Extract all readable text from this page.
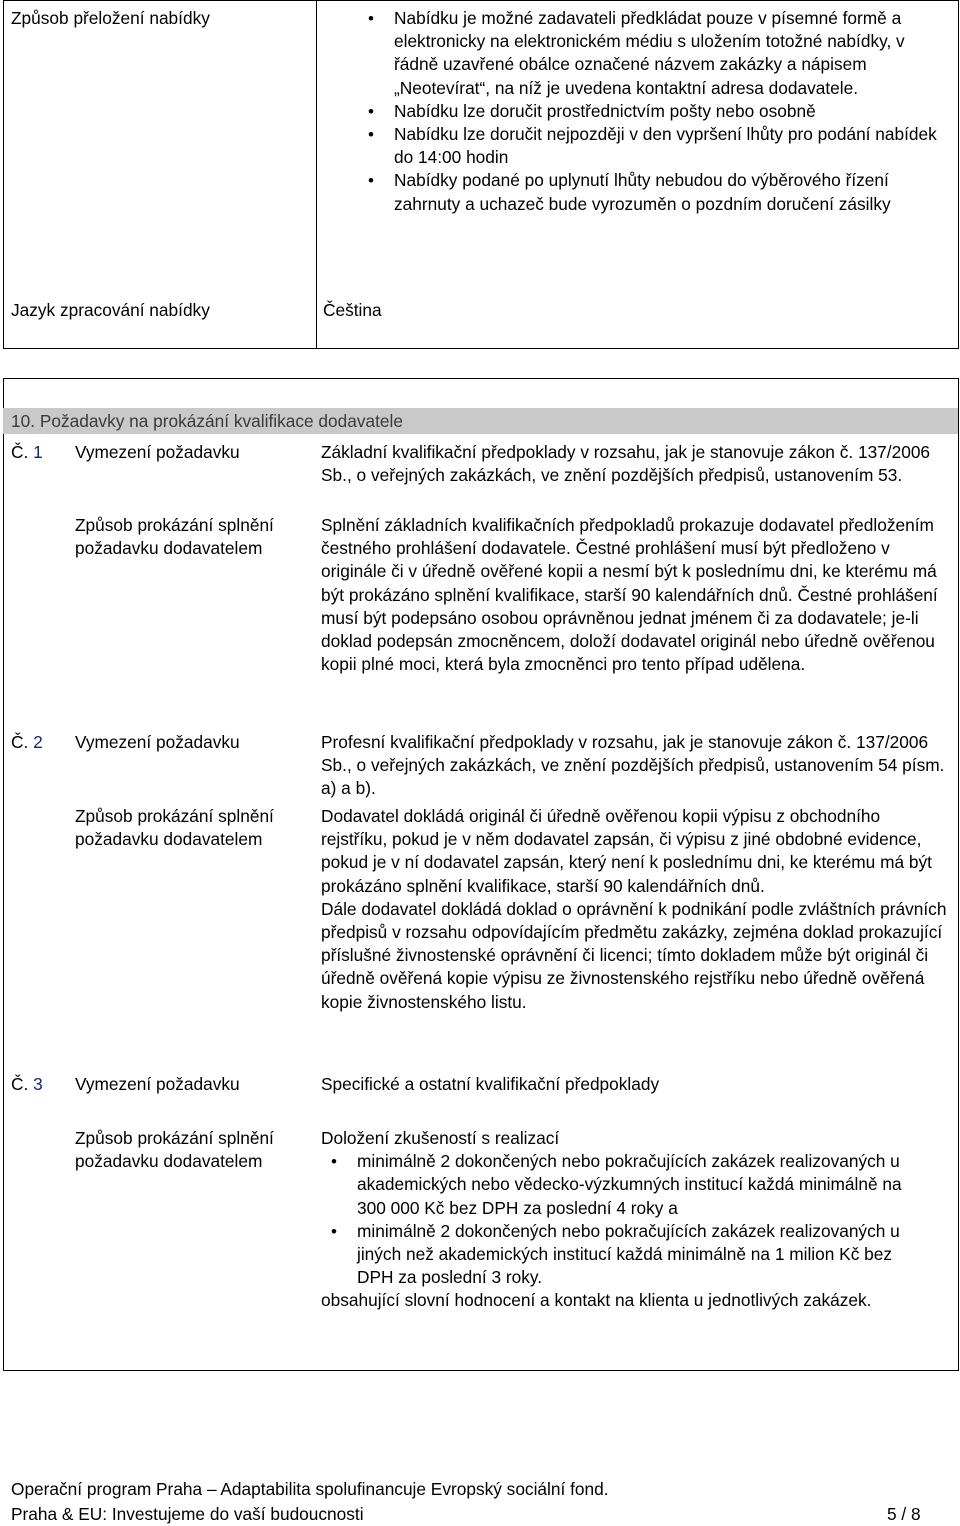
Způsob přeložení nabídky
•	Nabídku je možné zadavateli předkládat pouze v písemné formě a elektronicky na elektronickém médiu s uložením totožné nabídky, v řádně uzavřené obálce označené názvem zakázky a nápisem „Neotevírat“, na níž je uvedena kontaktní adresa dodavatele.
• Nabídku lze doručit prostřednictvím pošty nebo osobně
• Nabídku lze doručit nejpozději v den vypršení lhůty pro podání nabídek do 14:00 hodin
• Nabídky podané po uplynutí lhůty nebudou do výběrového řízení zahrnuty a uchazeč bude vyrozuměn o pozdním doručení zásilky
Jazyk zpracování nabídky	Čeština
10. Požadavky na prokázání kvalifikace dodavatele
Č. 1 Vymezení požadavku	Základní kvalifikační předpoklady v rozsahu, jak je stanovuje zákon č. 137/2006 Sb., o veřejných zakázkách, ve znění pozdějších předpisů, ustanovením 53.
Způsob prokázání splnění požadavku dodavatelem
Splnění základních kvalifikačních předpokladů prokazuje dodavatel předložením čestného prohlášení dodavatele. Čestné prohlášení musí být předloženo v originále či v úředně ověřené kopii a nesmí být k poslednímu dni, ke kterému má být prokázáno splnění kvalifikace, starší 90 kalendářních dnů. Čestné prohlášení musí být podepsáno osobou oprávněnou jednat jménem či za dodavatele; je-li doklad podepsán zmocněncem, doloží dodavatel originál nebo úředně ověřenou kopii plné moci, která byla zmocněnci pro tento případ udělena.
Č. 2 Vymezení požadavku	Profesní kvalifikační předpoklady v rozsahu, jak je stanovuje zákon č. 137/2006 Sb., o veřejných zakázkách, ve znění pozdějších předpisů, ustanovením 54 písm. a) a b).
Způsob prokázání splnění požadavku dodavatelem
Dodavatel dokládá originál či úředně ověřenou kopii výpisu z obchodního rejstříku, pokud je v něm dodavatel zapsán, či výpisu z jiné obdobné evidence, pokud je v ní dodavatel zapsán, který není k poslednímu dni, ke kterému má být prokázáno splnění kvalifikace, starší 90 kalendářních dnů.
Dále dodavatel dokládá doklad o oprávnění k podnikání podle zvláštních právních předpisů v rozsahu odpovídajícím předmětu zakázky, zejména doklad prokazující příslušné živnostenské oprávnění či licenci; tímto dokladem může být originál či úředně ověřená kopie výpisu ze živnostenského rejstříku nebo úředně ověřená kopie živnostenského listu.
Č. 3 Vymezení požadavku	Specifické a ostatní kvalifikační předpoklady
Způsob prokázání splnění požadavku dodavatelem
Doložení zkušeností s realizací
• minimálně 2 dokončených nebo pokračujících zakázek realizovaných u akademických nebo vědecko-výzkumných institucí každá minimálně na 300 000 Kč bez DPH za poslední 4 roky a
• minimálně 2 dokončených nebo pokračujících zakázek realizovaných u jiných než akademických institucí každá minimálně na 1 milion Kč bez DPH za poslední 3 roky.
obsahující slovní hodnocení a kontakt na klienta u jednotlivých zakázek.
Operační program Praha – Adaptabilita spolufinancuje Evropský sociální fond.
Praha & EU: Investujeme do vaší budoucnosti	5 / 8
